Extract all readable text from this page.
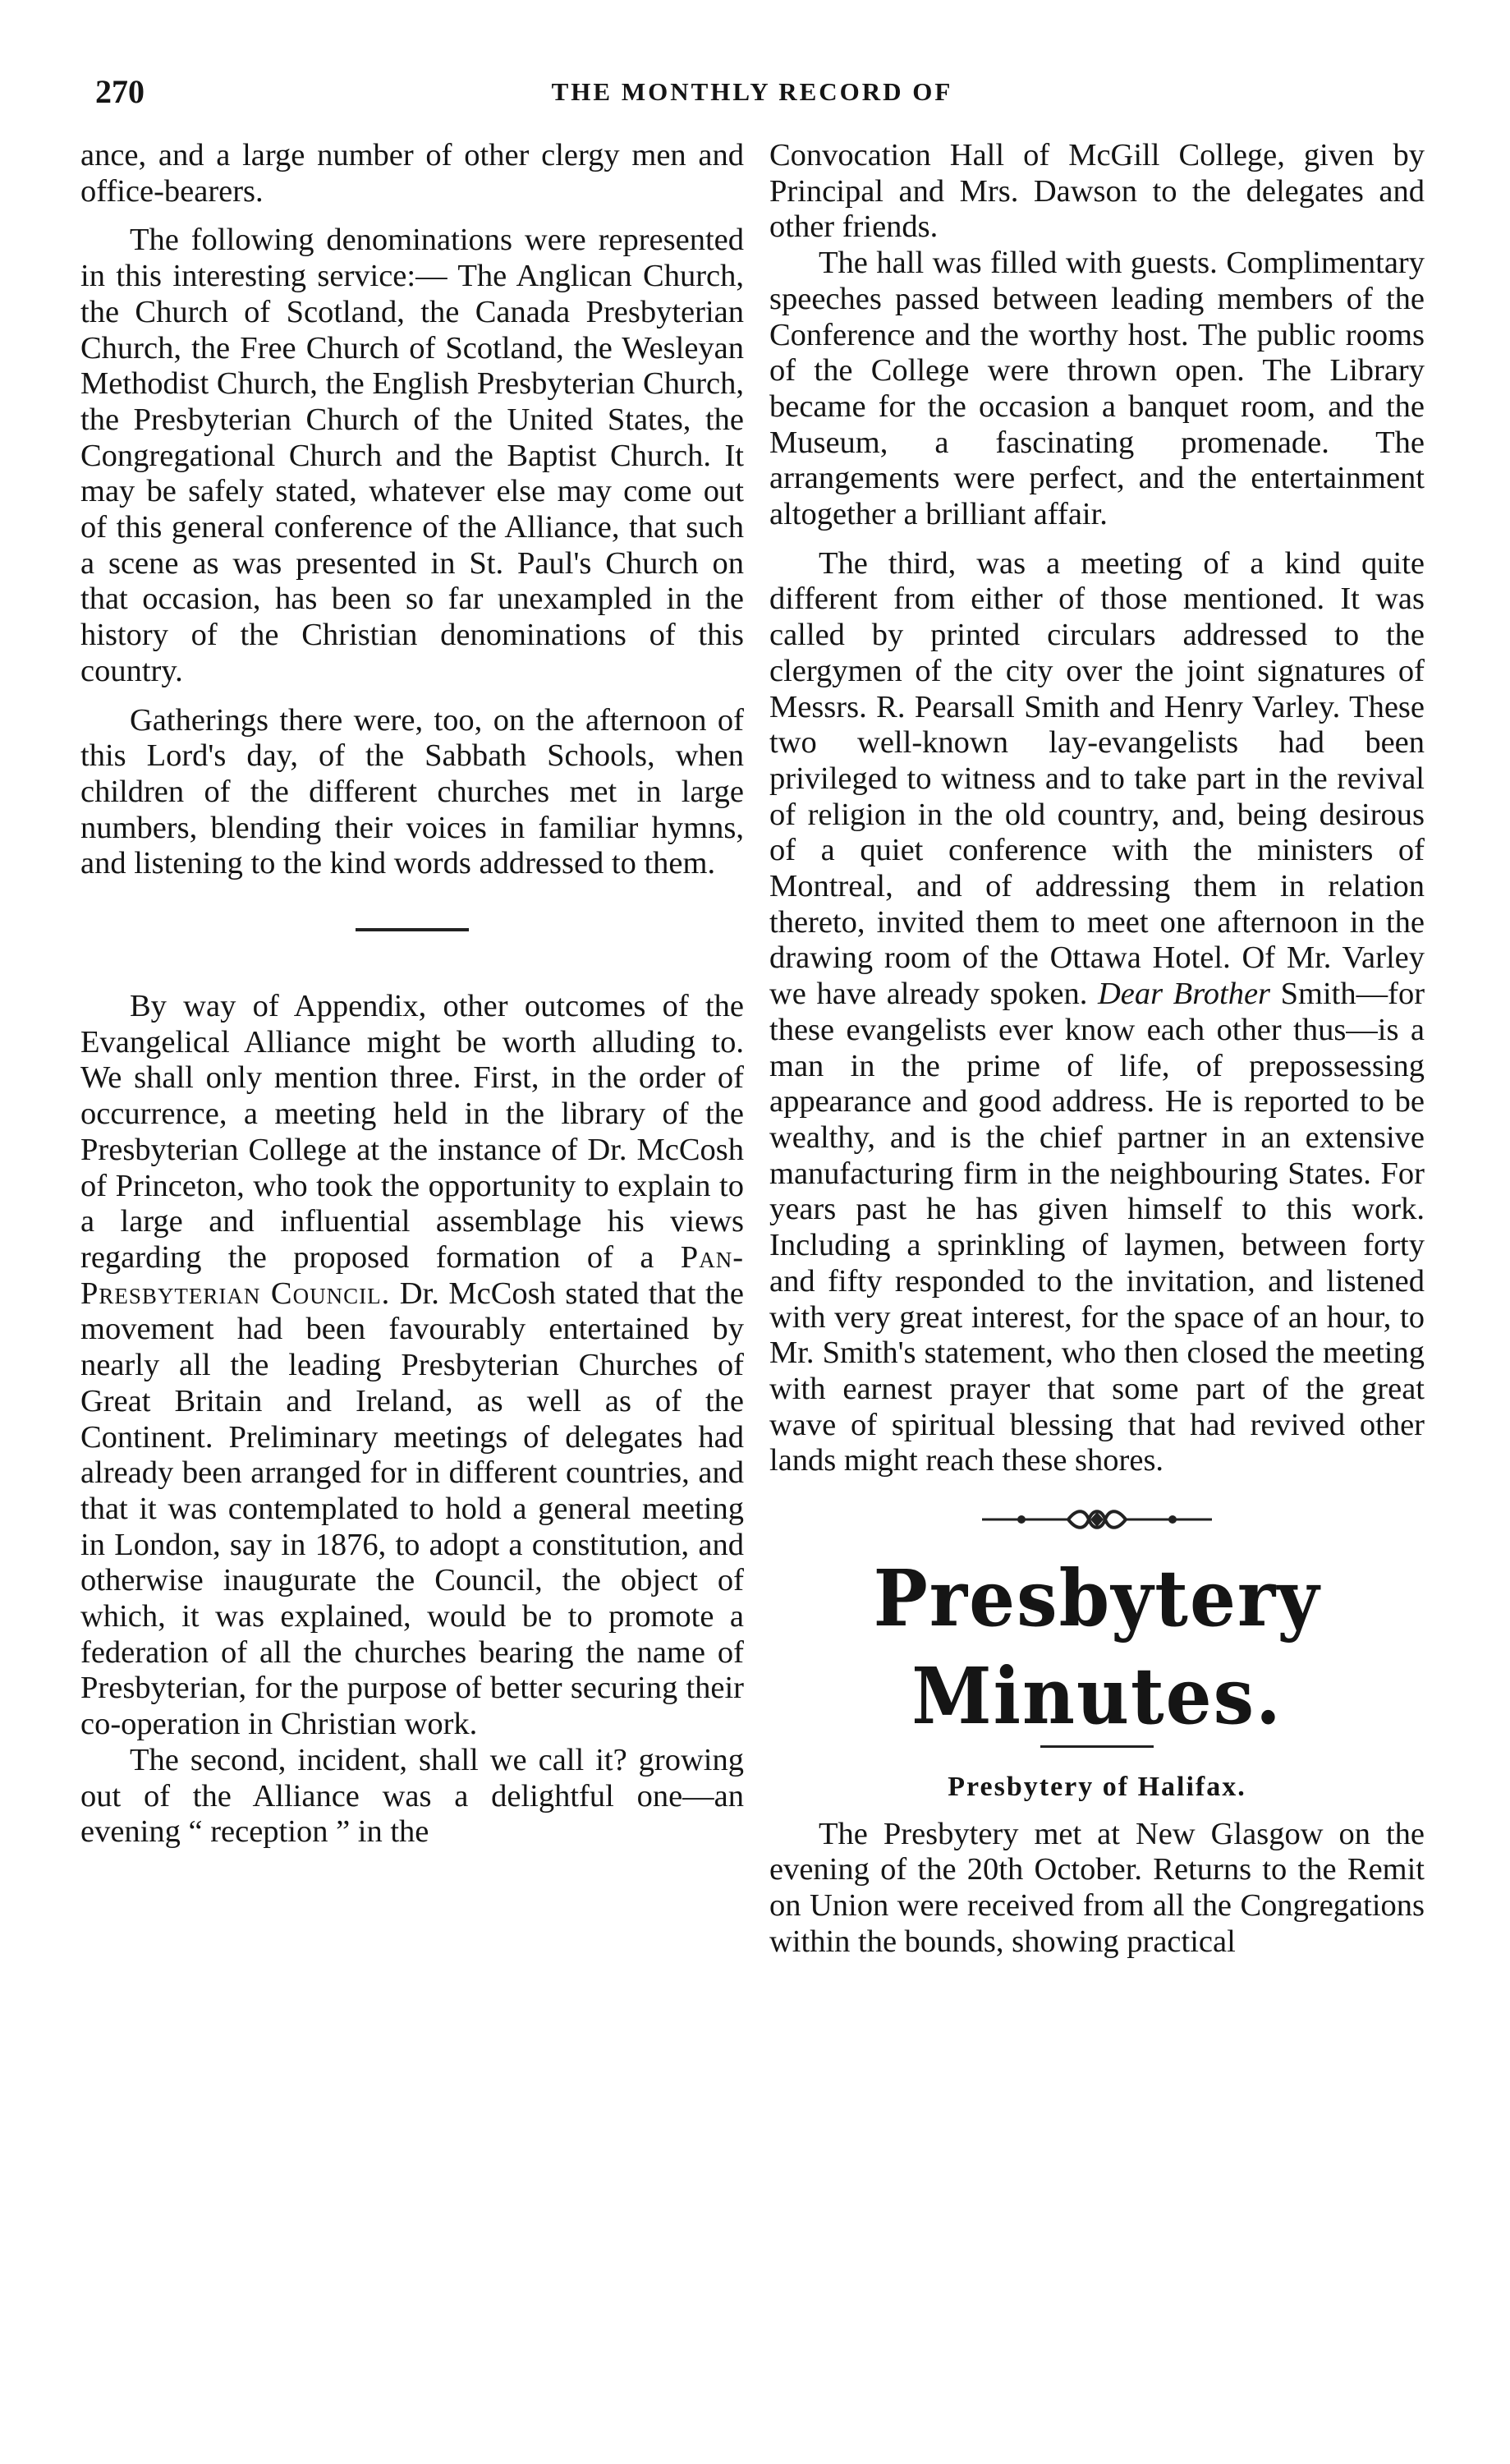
270	THE MONTHLY RECORD OF

ance, and a large number of other clergy men and office-bearers.

The following denominations were represented in this interesting service:— The Anglican Church, the Church of Scotland, the Canada Presbyterian Church, the Free Church of Scotland, the Wesleyan Methodist Church, the English Presbyterian Church, the Presbyterian Church of the United States, the Congregational Church and the Baptist Church. It may be safely stated, whatever else may come out of this general conference of the Alliance, that such a scene as was presented in St. Paul's Church on that occasion, has been so far unexampled in the history of the Christian denominations of this country.

Gatherings there were, too, on the afternoon of this Lord's day, of the Sabbath Schools, when children of the different churches met in large numbers, blending their voices in familiar hymns, and listening to the kind words addressed to them.

By way of Appendix, other outcomes of the Evangelical Alliance might be worth alluding to. We shall only mention three. First, in the order of occurrence, a meeting held in the library of the Presbyterian College at the instance of Dr. McCosh of Princeton, who took the opportunity to explain to a large and influential assemblage his views regarding the proposed formation of a Pan-Presbyterian Council. Dr. McCosh stated that the movement had been favourably entertained by nearly all the leading Presbyterian Churches of Great Britain and Ireland, as well as of the Continent. Preliminary meetings of delegates had already been arranged for in different countries, and that it was contemplated to hold a general meeting in London, say in 1876, to adopt a constitution, and otherwise inaugurate the Council, the object of which, it was explained, would be to promote a federation of all the churches bearing the name of Presbyterian, for the purpose of better securing their co-operation in Christian work.

The second, incident, shall we call it? growing out of the Alliance was a delightful one—an evening “ reception ” in the

Convocation Hall of McGill College, given by Principal and Mrs. Dawson to the delegates and other friends.

The hall was filled with guests. Complimentary speeches passed between leading members of the Conference and the worthy host. The public rooms of the College were thrown open. The Library became for the occasion a banquet room, and the Museum, a fascinating promenade. The arrangements were perfect, and the entertainment altogether a brilliant affair.

The third, was a meeting of a kind quite different from either of those mentioned. It was called by printed circulars addressed to the clergymen of the city over the joint signatures of Messrs. R. Pearsall Smith and Henry Varley. These two well-known lay-evangelists had been privileged to witness and to take part in the revival of religion in the old country, and, being desirous of a quiet conference with the ministers of Montreal, and of addressing them in relation thereto, invited them to meet one afternoon in the drawing room of the Ottawa Hotel. Of Mr. Varley we have already spoken. Dear Brother Smith—for these evangelists ever know each other thus—is a man in the prime of life, of prepossessing appearance and good address. He is reported to be wealthy, and is the chief partner in an extensive manufacturing firm in the neighbouring States. For years past he has given himself to this work. Including a sprinkling of laymen, between forty and fifty responded to the invitation, and listened with very great interest, for the space of an hour, to Mr. Smith's statement, who then closed the meeting with earnest prayer that some part of the great wave of spiritual blessing that had revived other lands might reach these shores.

Presbytery Minutes.
Presbytery of Halifax.

The Presbytery met at New Glasgow on the evening of the 20th October. Returns to the Remit on Union were received from all the Congregations within the bounds, showing practical
